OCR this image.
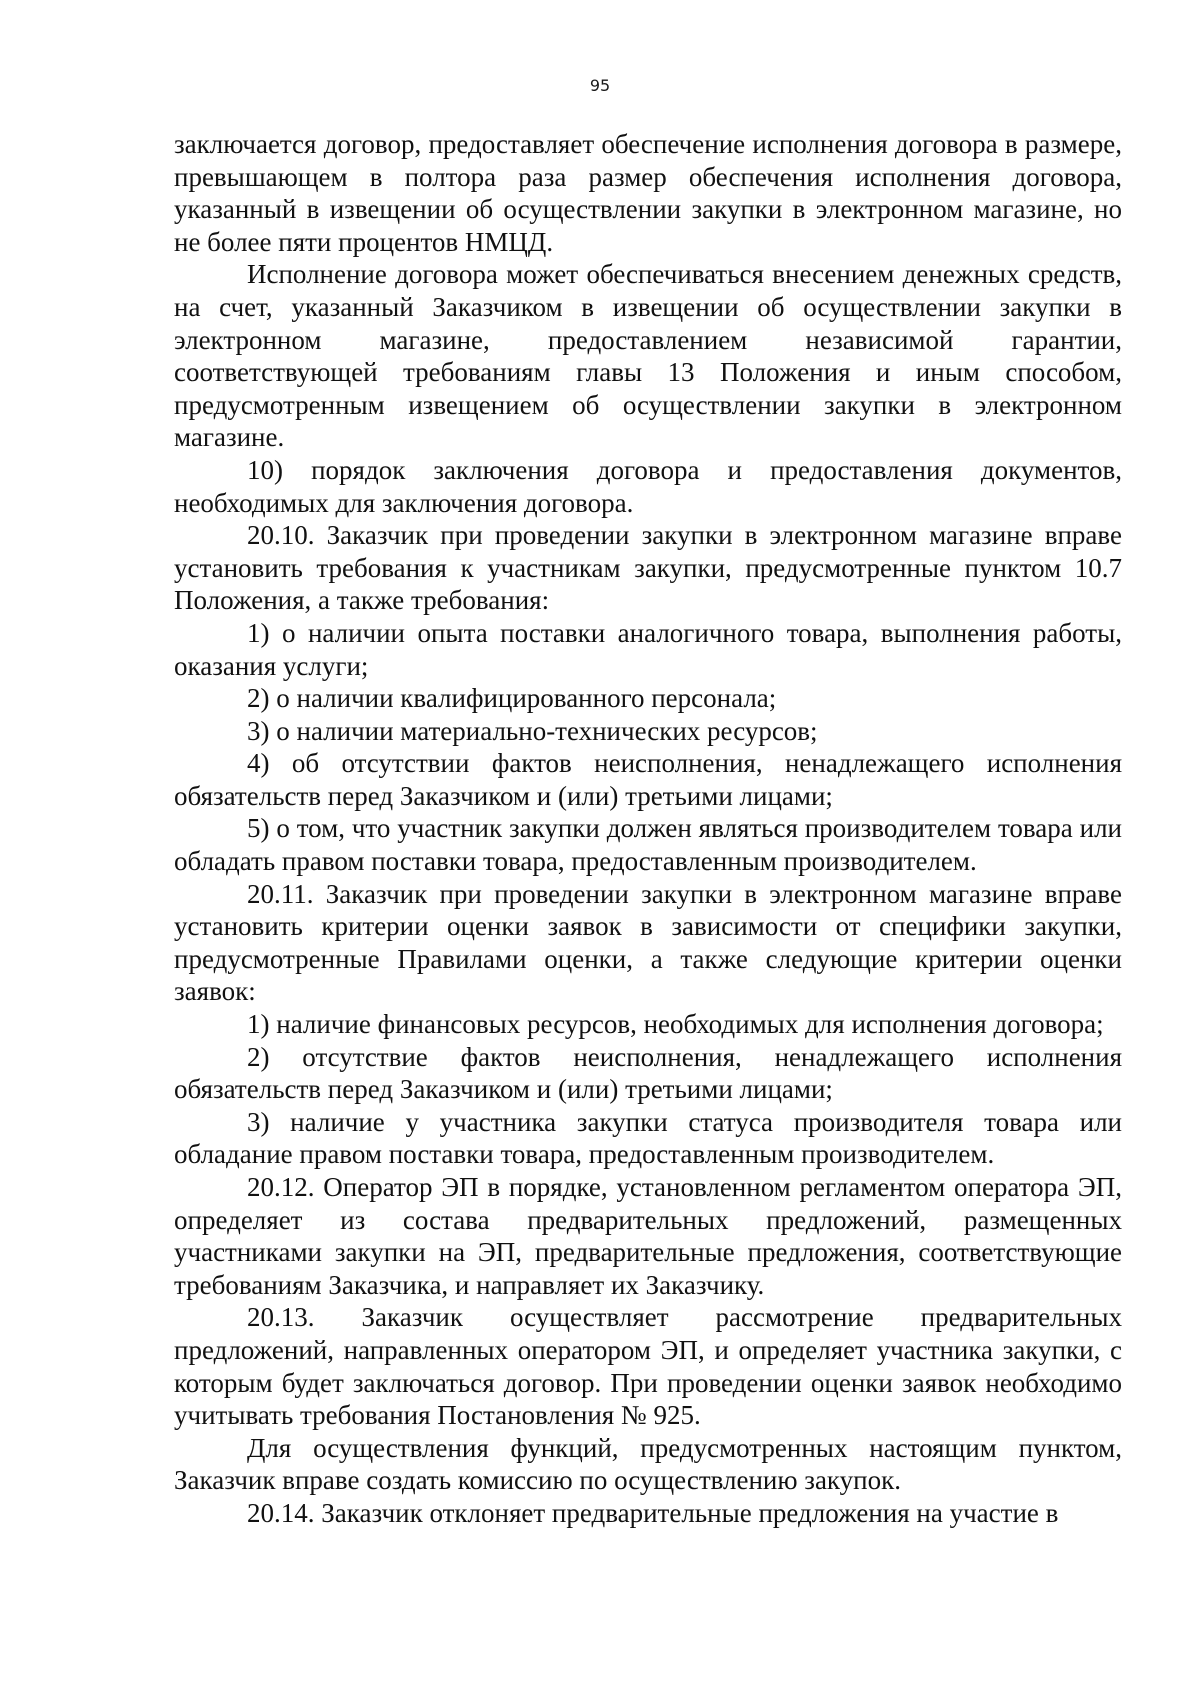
95

заключается договор, предоставляет обеспечение исполнения договора в размере, превышающем в полтора раза размер обеспечения исполнения договора, указанный в извещении об осуществлении закупки в электронном магазине, но не более пяти процентов НМЦД.

Исполнение договора может обеспечиваться внесением денежных средств, на счет, указанный Заказчиком в извещении об осуществлении закупки в электронном магазине, предоставлением независимой гарантии, соответствующей требованиям главы 13 Положения и иным способом, предусмотренным извещением об осуществлении закупки в электронном магазине.

10) порядок заключения договора и предоставления документов, необходимых для заключения договора.

20.10. Заказчик при проведении закупки в электронном магазине вправе установить требования к участникам закупки, предусмотренные пунктом 10.7 Положения, а также требования:

1) о наличии опыта поставки аналогичного товара, выполнения работы, оказания услуги;

2) о наличии квалифицированного персонала;

3) о наличии материально-технических ресурсов;

4) об отсутствии фактов неисполнения, ненадлежащего исполнения обязательств перед Заказчиком и (или) третьими лицами;

5) о том, что участник закупки должен являться производителем товара или обладать правом поставки товара, предоставленным производителем.

20.11. Заказчик при проведении закупки в электронном магазине вправе установить критерии оценки заявок в зависимости от специфики закупки, предусмотренные Правилами оценки, а также следующие критерии оценки заявок:

1) наличие финансовых ресурсов, необходимых для исполнения договора;

2) отсутствие фактов неисполнения, ненадлежащего исполнения обязательств перед Заказчиком и (или) третьими лицами;

3) наличие у участника закупки статуса производителя товара или обладание правом поставки товара, предоставленным производителем.

20.12. Оператор ЭП в порядке, установленном регламентом оператора ЭП, определяет из состава предварительных предложений, размещенных участниками закупки на ЭП, предварительные предложения, соответствующие требованиям Заказчика, и направляет их Заказчику.

20.13. Заказчик осуществляет рассмотрение предварительных предложений, направленных оператором ЭП, и определяет участника закупки, с которым будет заключаться договор. При проведении оценки заявок необходимо учитывать требования Постановления № 925.

Для осуществления функций, предусмотренных настоящим пунктом, Заказчик вправе создать комиссию по осуществлению закупок.

20.14. Заказчик отклоняет предварительные предложения на участие в
